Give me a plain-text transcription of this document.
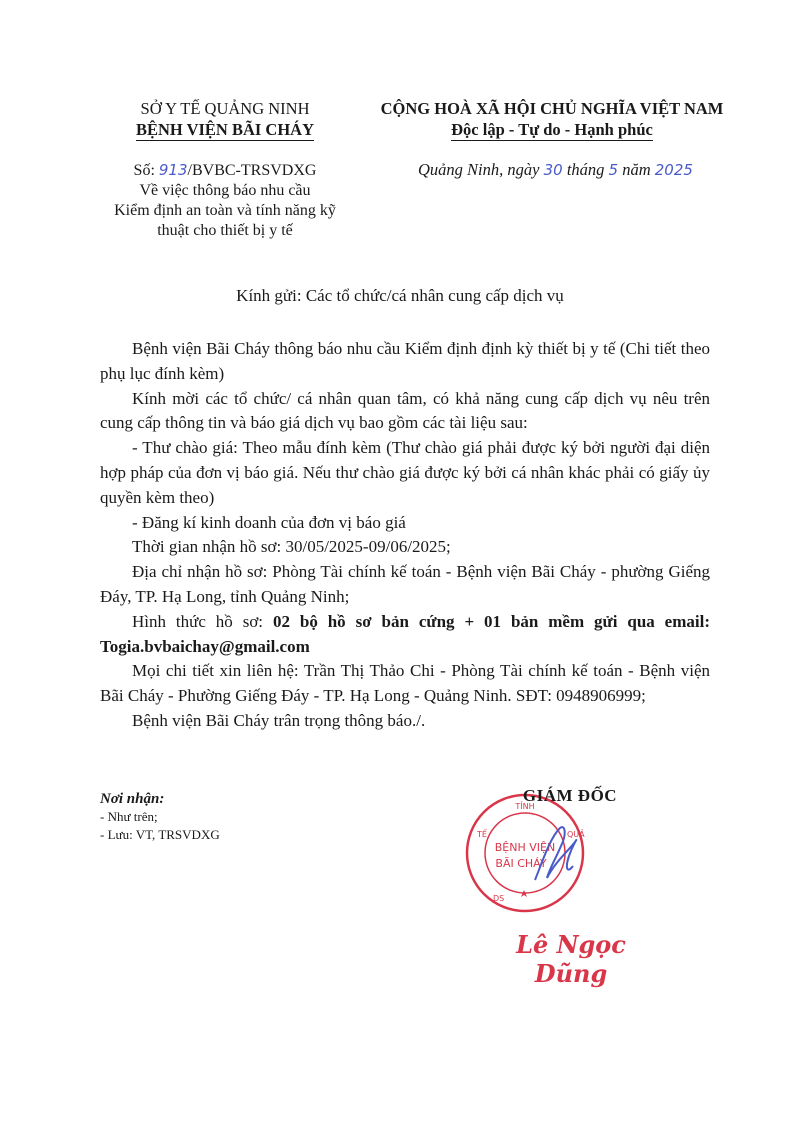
SỞ Y TẾ QUẢNG NINH
BỆNH VIỆN BÃI CHÁY
CỘNG HOÀ XÃ HỘI CHỦ NGHĨA VIỆT NAM
Độc lập - Tự do - Hạnh phúc
Số: 913/BVBC-TRSVDXG
Về việc thông báo nhu cầu
Kiểm định an toàn và tính năng kỹ
thuật cho thiết bị y tế
Quảng Ninh, ngày 30 tháng 5 năm 2025
Kính gửi: Các tổ chức/cá nhân cung cấp dịch vụ

Bệnh viện Bãi Cháy thông báo nhu cầu Kiểm định định kỳ thiết bị y tế (Chi tiết theo phụ lục đính kèm)

Kính mời các tổ chức/ cá nhân quan tâm, có khả năng cung cấp dịch vụ nêu trên cung cấp thông tin và báo giá dịch vụ bao gồm các tài liệu sau:

- Thư chào giá: Theo mẫu đính kèm (Thư chào giá phải được ký bởi người đại diện hợp pháp của đơn vị báo giá. Nếu thư chào giá được ký bởi cá nhân khác phải có giấy ủy quyền kèm theo)

- Đăng kí kinh doanh của đơn vị báo giá

Thời gian nhận hồ sơ: 30/05/2025-09/06/2025;

Địa chỉ nhận hồ sơ: Phòng Tài chính kế toán - Bệnh viện Bãi Cháy - phường Giếng Đáy, TP. Hạ Long, tỉnh Quảng Ninh;

Hình thức hồ sơ: 02 bộ hồ sơ bản cứng + 01 bản mềm gửi qua email: Togia.bvbaichay@gmail.com

Mọi chi tiết xin liên hệ: Trần Thị Thảo Chi - Phòng Tài chính kế toán - Bệnh viện Bãi Cháy - Phường Giếng Đáy - TP. Hạ Long - Quảng Ninh. SĐT: 0948906999;

Bệnh viện Bãi Cháy trân trọng thông báo./.

Nơi nhận:
- Như trên;
- Lưu: VT, TRSVDXG
TỈNH
TẾ	QUẢ
DS
BỆNH VIỆN
BÃI CHÁY
GIÁM ĐỐC
Lê Ngọc Dũng
